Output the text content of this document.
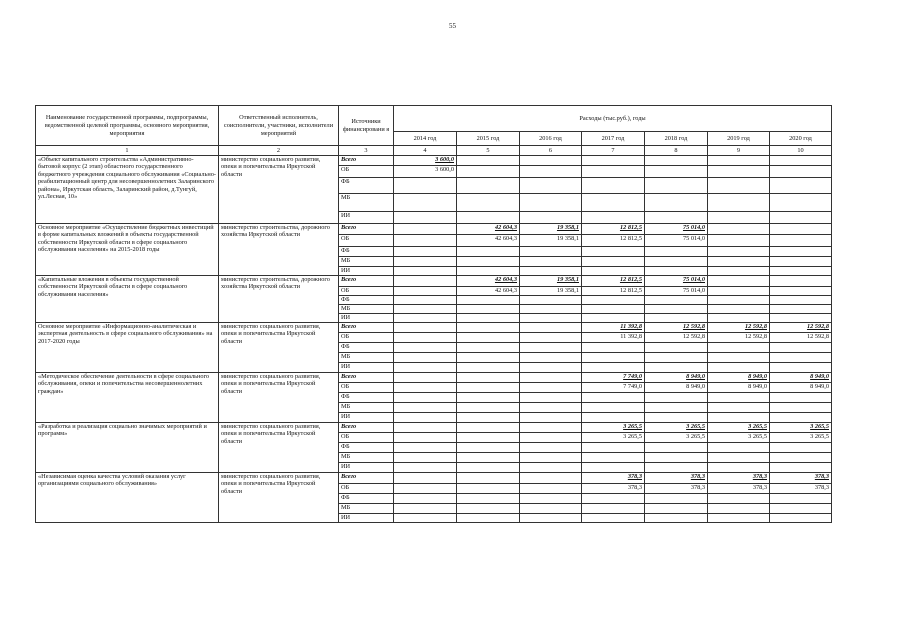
55
Наименование государственной программы, подпрограммы, ведомственной целевой программы, основного мероприятия, мероприятия	Ответственный исполнитель, соисполнители, участники, исполнители мероприятий	Источники финансировани я	Расходы (тыс.руб.), годы						
			2014 год	2015 год	2016 год	2017 год	2018 год	2019 год	2020 год
1	2	3	4	5	6	7	8	9	10
«Объект капитального строительства «Административно-бытовой корпус (2 этап) областного государственного бюджетного учреждения социального обслуживания «Социально-реабилитационный центр для несовершеннолетних Заларинского района», Иркутская область, Заларинский район, д.Тунгуй, ул.Лесная, 10»	министерство социального развития, опеки и попечительства Иркутской области	Всего	3 600,0						
		ОБ	3 600,0						
		ФБ							
		МБ							
		ИИ							
Основное мероприятие «Осуществление бюджетных инвестиций в форме капитальных вложений в объекты государственной собственности Иркутской области в сфере социального обслуживания населения» на 2015-2018 годы	министерство строительства, дорожного хозяйства Иркутской области	Всего		42 604,3	19 358,1	12 812,5	75 014,0		
		ОБ		42 604,3	19 358,1	12 812,5	75 014,0		
		ФБ							
		МБ							
		ИИ							
«Капитальные вложения в объекты государственной собственности Иркутской области в сфере социального обслуживания населения»	министерство строительства, дорожного хозяйства Иркутской области	Всего		42 604,3	19 358,1	12 812,5	75 014,0		
		ОБ		42 604,3	19 358,1	12 812,5	75 014,0		
		ФБ							
		МБ							
		ИИ							
Основное мероприятие «Информационно-аналитическая и экспертная деятельность в сфере социального обслуживания» на 2017-2020 годы	министерство социального развития, опеки и попечительства Иркутской области	Всего				11 392,8	12 592,8	12 592,8	12 592,8
		ОБ				11 392,8	12 592,8	12 592,8	12 592,8
		ФБ							
		МБ							
		ИИ							
«Методическое обеспечение деятельности в сфере социального обслуживания, опеки и попечительства несовершеннолетних граждан»	министерство социального развития, опеки и попечительства Иркутской области	Всего				7 749,0	8 949,0	8 949,0	8 949,0
		ОБ				7 749,0	8 949,0	8 949,0	8 949,0
		ФБ							
		МБ							
		ИИ							
«Разработка и реализация социально значимых мероприятий и программ»	министерство социального развития, опеки и попечительства Иркутской области	Всего				3 265,5	3 265,5	3 265,5	3 265,5
		ОБ				3 265,5	3 265,5	3 265,5	3 265,5
		ФБ							
		МБ							
		ИИ							
«Независимая оценка качества условий оказания услуг организациями социального обслуживания»	министерство социального развития, опеки и попечительства Иркутской области	Всего				378,3	378,3	378,3	378,3
		ОБ				378,3	378,3	378,3	378,3
		ФБ							
		МБ							
		ИИ							
